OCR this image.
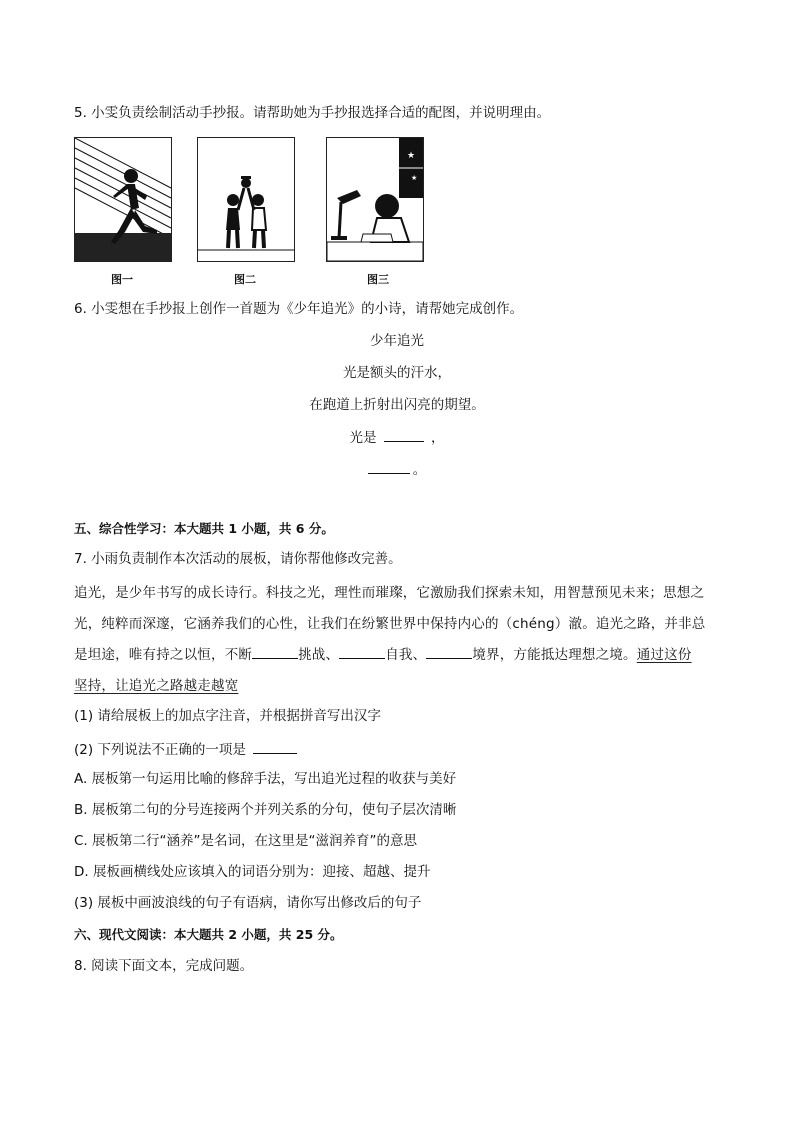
5. 小雯负责绘制活动手抄报。请帮助她为手抄报选择合适的配图，并说明理由。
图一	图二
★
★
图三
6. 小雯想在手抄报上创作一首题为《少年追光》的小诗，请帮她完成创作。
少年追光
光是额头的汗水，
在跑道上折射出闪亮的期望。
光是	，
。
五、综合性学习：本大题共 1 小题，共 6 分。
7. 小雨负责制作本次活动的展板，请你帮他修改完善。
追光，是少年书写的成长诗行。科技之光，理性而璀璨，它激励我们探索未知，用智慧预见未来；思想之
光，纯粹而深邃，它涵养我们的心性，让我们在纷繁世界中保持内心的（chéng）澈。追光之路，并非总
是坦途，唯有持之以恒，不断	挑战、	自我、	境界，方能抵达理想之境。通过这份
坚持，让追光之路越走越宽
(1) 请给展板上的加点字注音，并根据拼音写出汉字
(2) 下列说法不正确的一项是
A. 展板第一句运用比喻的修辞手法，写出追光过程的收获与美好
B. 展板第二句的分号连接两个并列关系的分句，使句子层次清晰
C. 展板第二行“涵养”是名词，在这里是“滋润养育”的意思
D. 展板画横线处应该填入的词语分别为：迎接、超越、提升
(3) 展板中画波浪线的句子有语病，请你写出修改后的句子
六、现代文阅读：本大题共 2 小题，共 25 分。
8. 阅读下面文本，完成问题。
